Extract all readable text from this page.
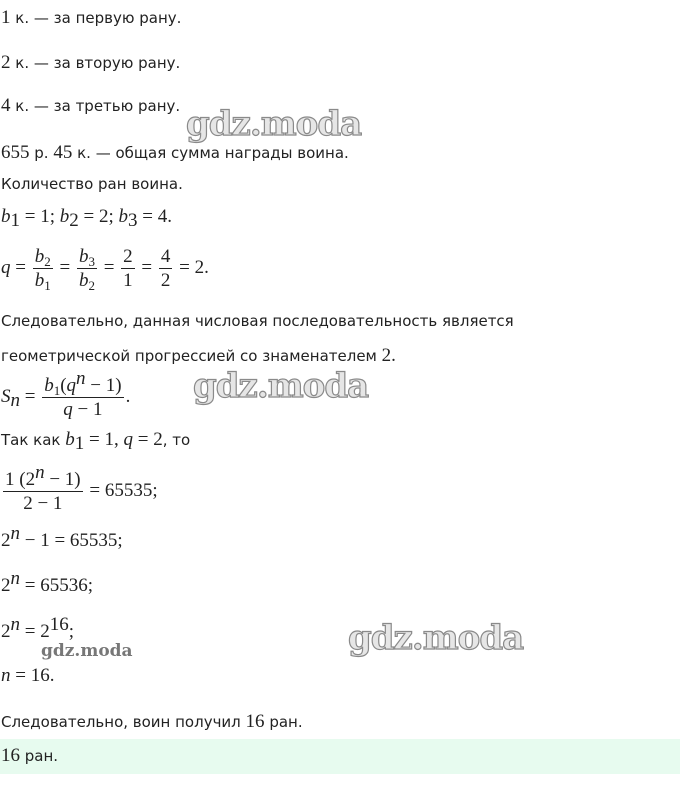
1 к. — за первую рану.
2 к. — за вторую рану.
4 к. — за третью рану.
655 р. 45 к. — общая сумма награды воина.
Количество ран воина.
$b_1 = 1$; $b_2 = 2$; $b_3 = 4$.
$q = \frac{b_2}{b_1} = \frac{b_3}{b_2} = \frac{2}{1} = \frac{4}{2} = 2$.
Следовательно, данная числовая последовательность является
геометрической прогрессией со знаменателем 2.
$S_n = \frac{b_1(q^n - 1)}{q - 1}$ .
Так как $b_1 = 1$, q = 2, то
$\frac{1 (2^n - 1)}{2 - 1} = 65535$;
$2^n - 1 = 65535$;
$2^n = 65536$;
$2^n = 2^{16}$;
n = 16.
Следовательно, воин получил 16 ран.
16 ран.
gdz.moda
gdz.moda
gdz.moda
gdz.moda
